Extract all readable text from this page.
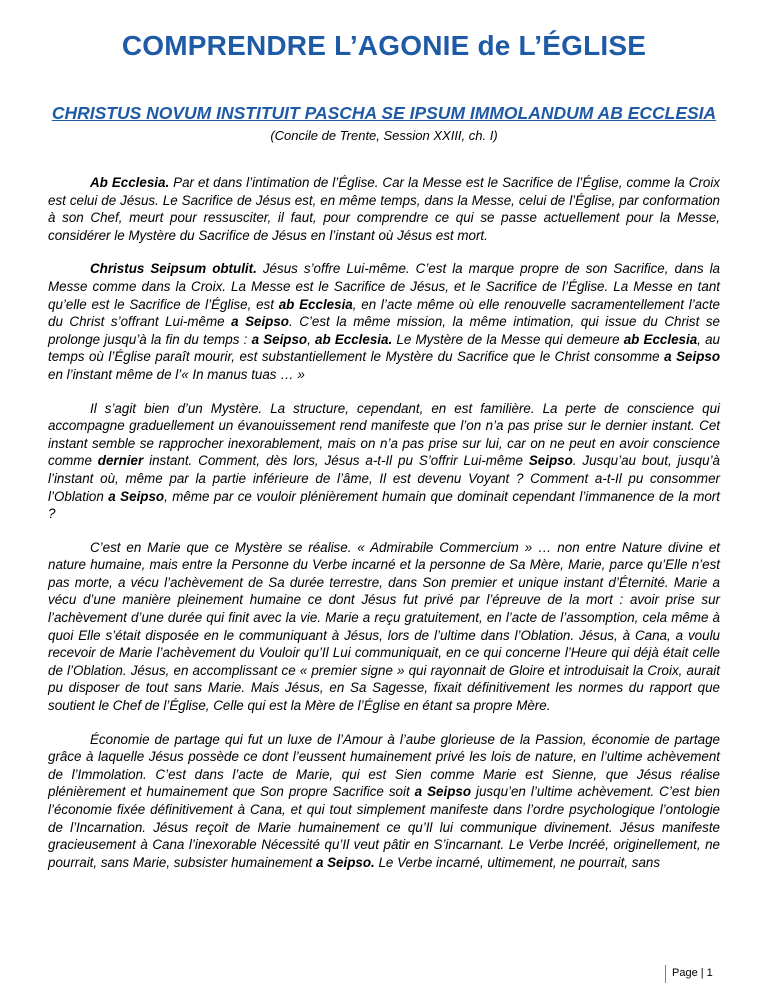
COMPRENDRE L’AGONIE de L’ÉGLISE
CHRISTUS NOVUM INSTITUIT PASCHA SE IPSUM IMMOLANDUM AB ECCLESIA
(Concile de Trente, Session XXIII, ch. I)

Ab Ecclesia. Par et dans l’intimation de l’Église. Car la Messe est le Sacrifice de l’Église, comme la Croix est celui de Jésus. Le Sacrifice de Jésus est, en même temps, dans la Messe, celui de l’Église, par conformation à son Chef, meurt pour ressusciter, il faut, pour comprendre ce qui se passe actuellement pour la Messe, considérer le Mystère du Sacrifice de Jésus en l’instant où Jésus est mort.

Christus Seipsum obtulit. Jésus s’offre Lui-même. C’est la marque propre de son Sacrifice, dans la Messe comme dans la Croix. La Messe est le Sacrifice de Jésus, et le Sacrifice de l’Église. La Messe en tant qu’elle est le Sacrifice de l’Église, est ab Ecclesia, en l’acte même où elle renouvelle sacramentellement l’acte du Christ s’offrant Lui-même a Seipso. C’est la même mission, la même intimation, qui issue du Christ se prolonge jusqu’à la fin du temps : a Seipso, ab Ecclesia. Le Mystère de la Messe qui demeure ab Ecclesia, au temps où l’Église paraît mourir, est substantiellement le Mystère du Sacrifice que le Christ consomme a Seipso en l’instant même de l’« In manus tuas … »

Il s’agit bien d’un Mystère. La structure, cependant, en est familière. La perte de conscience qui accompagne graduellement un évanouissement rend manifeste que l’on n’a pas prise sur le dernier instant. Cet instant semble se rapprocher inexorablement, mais on n’a pas prise sur lui, car on ne peut en avoir conscience comme dernier instant. Comment, dès lors, Jésus a-t-Il pu S’offrir Lui-même Seipso. Jusqu’au bout, jusqu’à l’instant où, même par la partie inférieure de l’âme, Il est devenu Voyant ? Comment a-t-Il pu consommer l’Oblation a Seipso, même par ce vouloir plénièrement humain que dominait cependant l’immanence de la mort ?

C’est en Marie que ce Mystère se réalise. « Admirabile Commercium » … non entre Nature divine et nature humaine, mais entre la Personne du Verbe incarné et la personne de Sa Mère, Marie, parce qu’Elle n’est pas morte, a vécu l’achèvement de Sa durée terrestre, dans Son premier et unique instant d’Éternité. Marie a vécu d’une manière pleinement humaine ce dont Jésus fut privé par l’épreuve de la mort : avoir prise sur l’achèvement d’une durée qui finit avec la vie. Marie a reçu gratuitement, en l’acte de l’assomption, cela même à quoi Elle s’était disposée en le communiquant à Jésus, lors de l’ultime dans l’Oblation. Jésus, à Cana, a voulu recevoir de Marie l’achèvement du Vouloir qu’Il Lui communiquait, en ce qui concerne l’Heure qui déjà était celle de l’Oblation. Jésus, en accomplissant ce « premier signe » qui rayonnait de Gloire et introduisait la Croix, aurait pu disposer de tout sans Marie. Mais Jésus, en Sa Sagesse, fixait définitivement les normes du rapport que soutient le Chef de l’Église, Celle qui est la Mère de l’Église en étant sa propre Mère.

Économie de partage qui fut un luxe de l’Amour à l’aube glorieuse de la Passion, économie de partage grâce à laquelle Jésus possède ce dont l’eussent humainement privé les lois de nature, en l’ultime achèvement de l’Immolation. C’est dans l’acte de Marie, qui est Sien comme Marie est Sienne, que Jésus réalise plénièrement et humainement que Son propre Sacrifice soit a Seipso jusqu’en l’ultime achèvement. C’est bien l’économie fixée définitivement à Cana, et qui tout simplement manifeste dans l’ordre psychologique l’ontologie de l’Incarnation. Jésus reçoit de Marie humainement ce qu’Il lui communique divinement. Jésus manifeste gracieusement à Cana l’inexorable Nécessité qu’Il veut pâtir en S’incarnant. Le Verbe Incréé, originellement, ne pourrait, sans Marie, subsister humainement a Seipso. Le Verbe incarné, ultimement, ne pourrait, sans

Page | 1
